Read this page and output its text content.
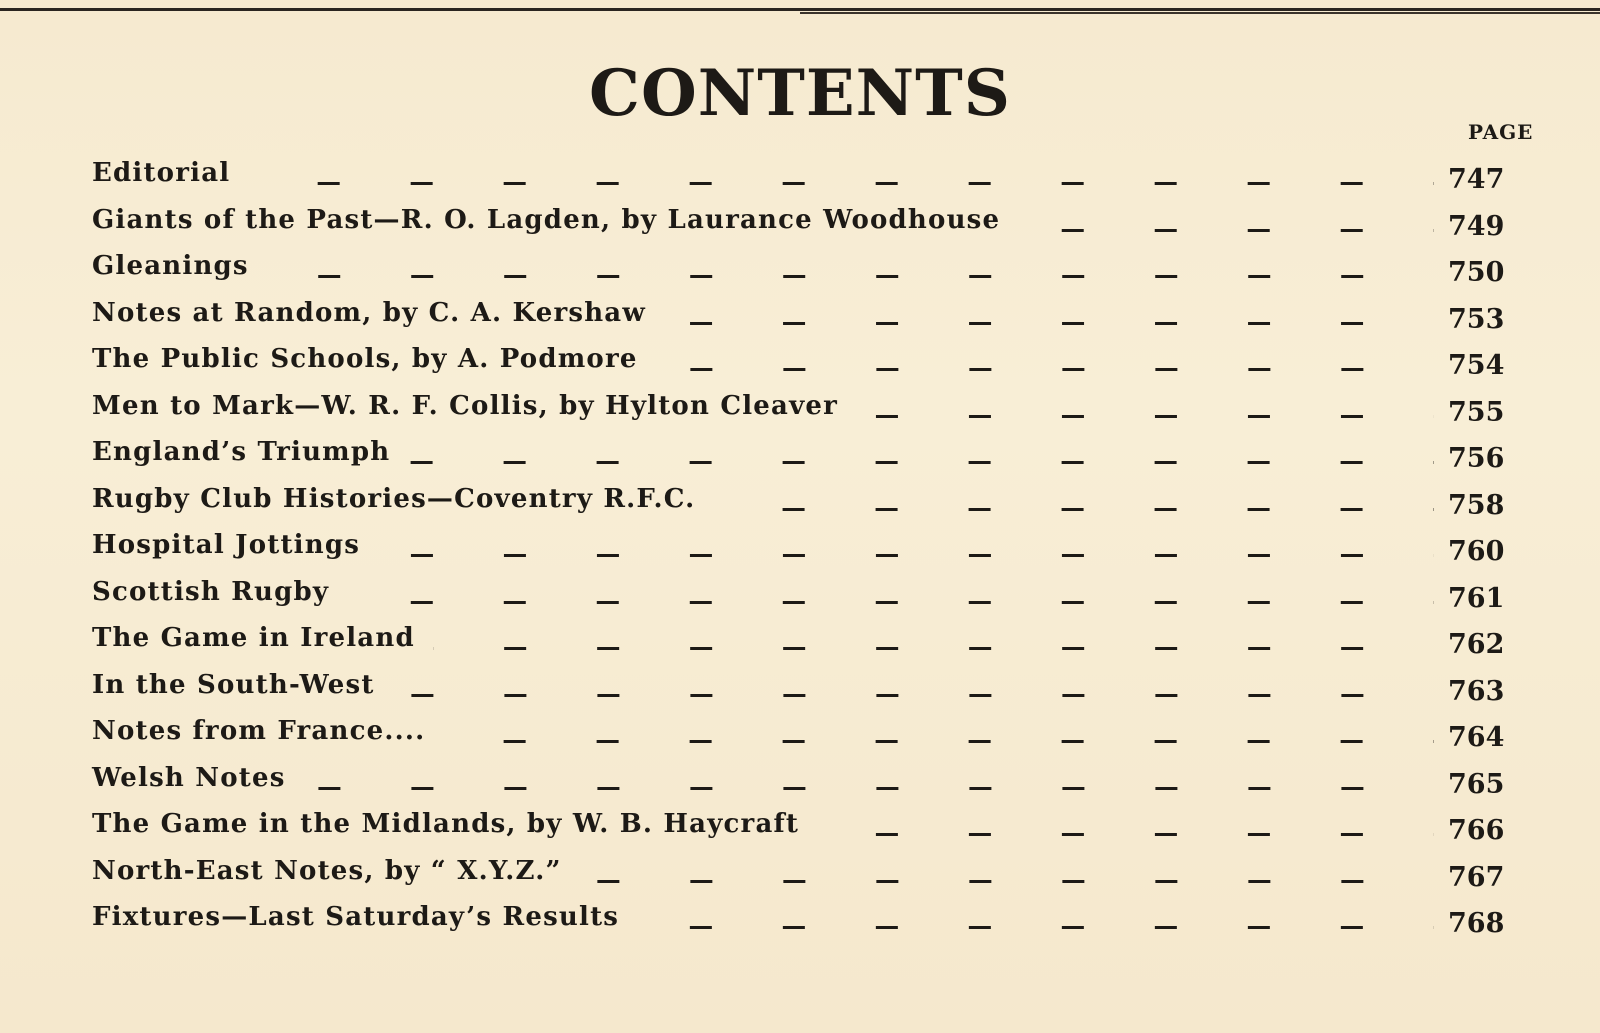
CONTENTS
PAGE
Editorial	747
Giants of the Past—R. O. Lagden, by Laurance Woodhouse	749
Gleanings	750
Notes at Random, by C. A. Kershaw	753
The Public Schools, by A. Podmore	754
Men to Mark—W. R. F. Collis, by Hylton Cleaver	755
England’s Triumph	756
Rugby Club Histories—Coventry R.F.C.	758
Hospital Jottings	760
Scottish Rugby	761
The Game in Ireland	762
In the South-West	763
Notes from France....	764
Welsh Notes	765
The Game in the Midlands, by W. B. Haycraft	766
North-East Notes, by “ X.Y.Z.”	767
Fixtures—Last Saturday’s Results	768
